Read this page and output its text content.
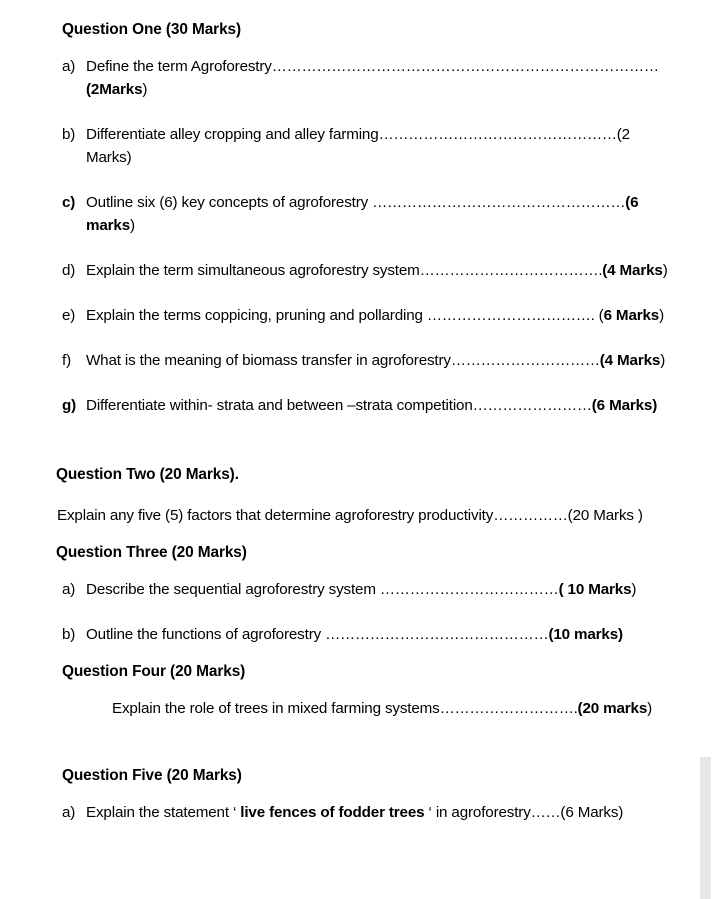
Question One (30 Marks)
a) Define the term Agroforestry……………………………………………………………………(2Marks)
b) Differentiate alley cropping and alley farming…………………………………………(2 Marks)
c) Outline six (6) key concepts of agroforestry ……………………………………………(6 marks)
d) Explain the term simultaneous agroforestry system……………………………….(4 Marks)
e) Explain the terms coppicing, pruning and pollarding ……………………………. (6 Marks)
f) What is the meaning of biomass transfer in agroforestry…………………………(4 Marks)
g) Differentiate within- strata and between –strata competition……………………(6 Marks)
Question Two (20 Marks).
Explain any five (5) factors that determine agroforestry productivity……………(20 Marks )
Question Three (20 Marks)
a) Describe the sequential agroforestry system ………………………………( 10 Marks)
b) Outline the functions of agroforestry ………………………………………(10 marks)
Question Four (20 Marks)
Explain the role of trees in mixed farming systems……………………….(20 marks)
Question Five (20 Marks)
a) Explain the statement ‘ live fences of fodder trees ‘ in agroforestry……(6 Marks)
